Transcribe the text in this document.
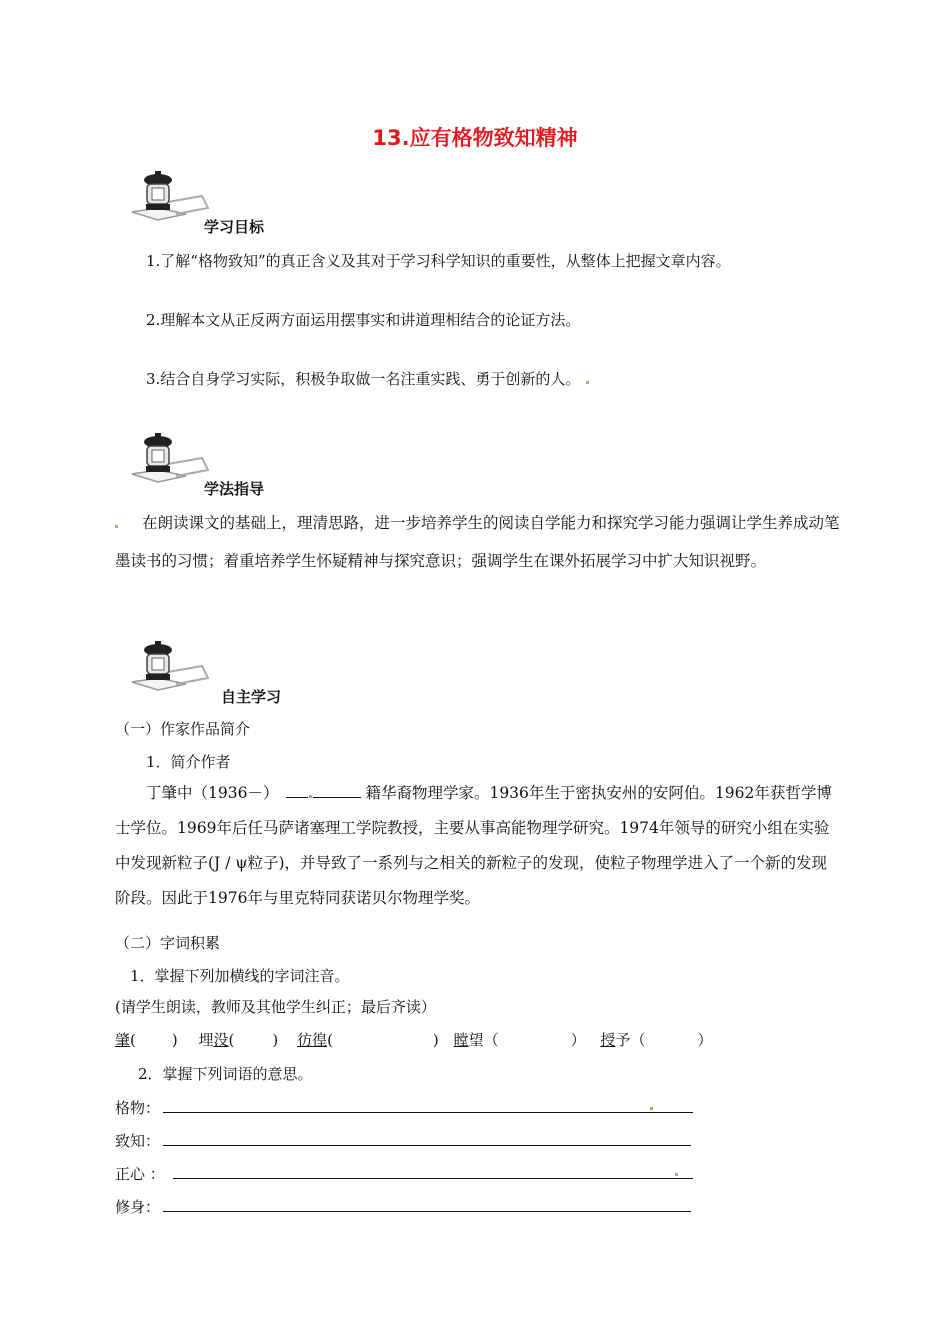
13.应有格物致知精神
学习目标
1.了解“格物致知”的真正含义及其对于学习科学知识的重要性，从整体上把握文章内容。
2.理解本文从正反两方面运用摆事实和讲道理相结合的论证方法。
3.结合自身学习实际，积极争取做一名注重实践、勇于创新的人。
学法指导

在朗读课文的基础上，理清思路，进一步培养学生的阅读自学能力和探究学习能力强调让学生养成动笔墨读书的习惯；着重培养学生怀疑精神与探究意识；强调学生在课外拓展学习中扩大知识视野。

自主学习
（一）作家作品简介
1．简介作者

丁肇中（1936－）	籍华裔物理学家。1936年生于密执安州的安阿伯。1962年获哲学博士学位。1969年后任马萨诸塞理工学院教授，主要从事高能物理学研究。1974年领导的研究小组在实验中发现新粒子(J / ψ粒子)，并导致了一系列与之相关的新粒子的发现，使粒子物理学进入了一个新的发现阶段。因此于1976年与里克特同获诺贝尔物理学奖。

（二）字词积累
1．掌握下列加横线的字词注音。
(请学生朗读，教师及其他学生纠正；最后齐读）
肇( ) 埋没(	) 彷徨(	) 瞠望（	） 授予（	）
2．掌握下列词语的意思。
格物：
致知：
正心 ：
修身：
